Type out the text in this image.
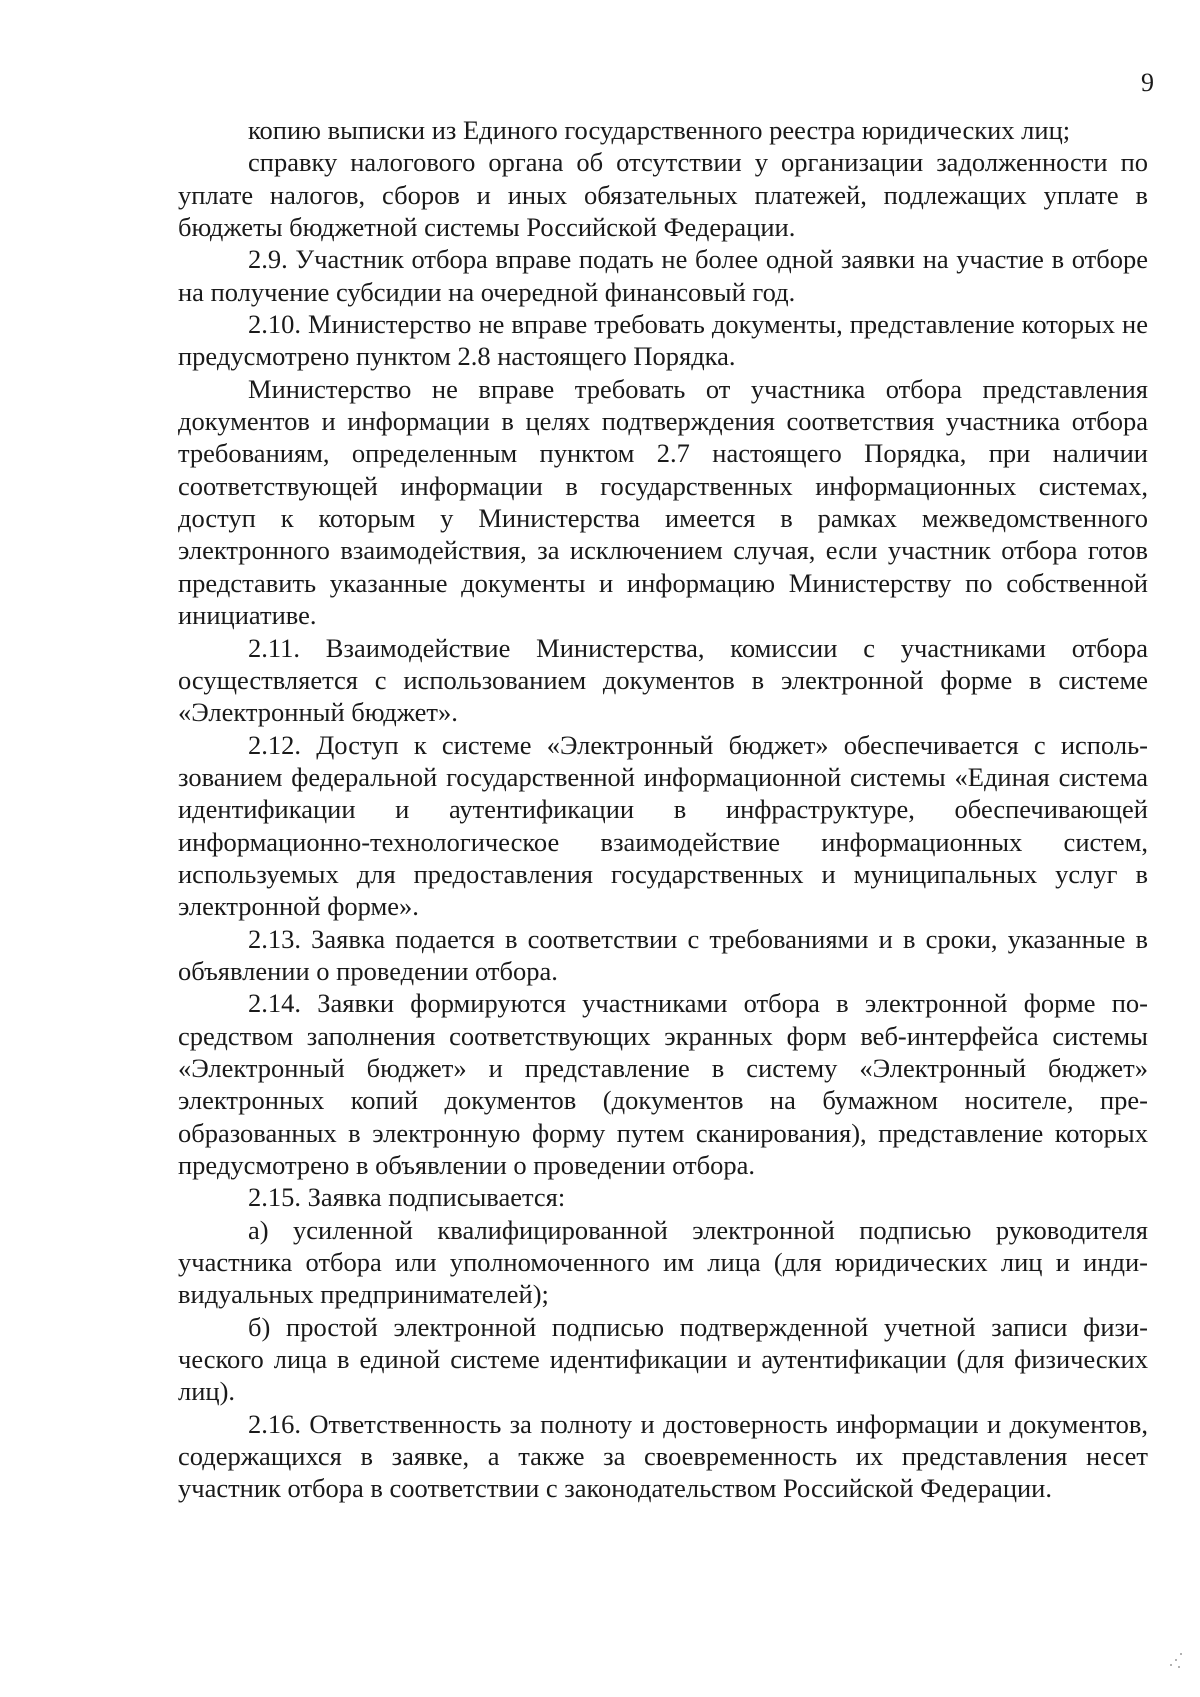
9

копию выписки из Единого государственного реестра юридических лиц;

справку налогового органа об отсутствии у организации задолженности по уплате налогов, сборов и иных обязательных платежей, подлежащих уплате в бюджеты бюджетной системы Российской Федерации.

2.9. Участник отбора вправе подать не более одной заявки на участие в отборе на получение субсидии на очередной финансовый год.

2.10. Министерство не вправе требовать документы, представление которых не предусмотрено пунктом 2.8 настоящего Порядка.

Министерство не вправе требовать от участника отбора представления документов и информации в целях подтверждения соответствия участника отбора требованиям, определенным пунктом 2.7 настоящего Порядка, при наличии соответствующей информации в государственных информационных системах, доступ к которым у Министерства имеется в рамках межведомственного электронного взаимодействия, за исключением случая, если участник отбора готов представить указанные документы и информацию Министерству по собственной инициативе.

2.11. Взаимодействие Министерства, комиссии с участниками отбора осуществляется с использованием документов в электронной форме в системе «Электронный бюджет».

2.12. Доступ к системе «Электронный бюджет» обеспечивается с использованием федеральной государственной информационной системы «Единая система идентификации и аутентификации в инфраструктуре, обеспечивающей информационно-технологическое взаимодействие информационных систем, используемых для предоставления государственных и муниципальных услуг в электронной форме».

2.13. Заявка подается в соответствии с требованиями и в сроки, указанные в объявлении о проведении отбора.

2.14. Заявки формируются участниками отбора в электронной форме посредством заполнения соответствующих экранных форм веб-интерфейса системы «Электронный бюджет» и представление в систему «Электронный бюджет» электронных копий документов (документов на бумажном носителе, преобразованных в электронную форму путем сканирования), представление которых предусмотрено в объявлении о проведении отбора.

2.15. Заявка подписывается:

а) усиленной квалифицированной электронной подписью руководителя участника отбора или уполномоченного им лица (для юридических лиц и индивидуальных предпринимателей);

б) простой электронной подписью подтвержденной учетной записи физического лица в единой системе идентификации и аутентификации (для физических лиц).

2.16. Ответственность за полноту и достоверность информации и документов, содержащихся в заявке, а также за своевременность их представления несет участник отбора в соответствии с законодательством Российской Федерации.
